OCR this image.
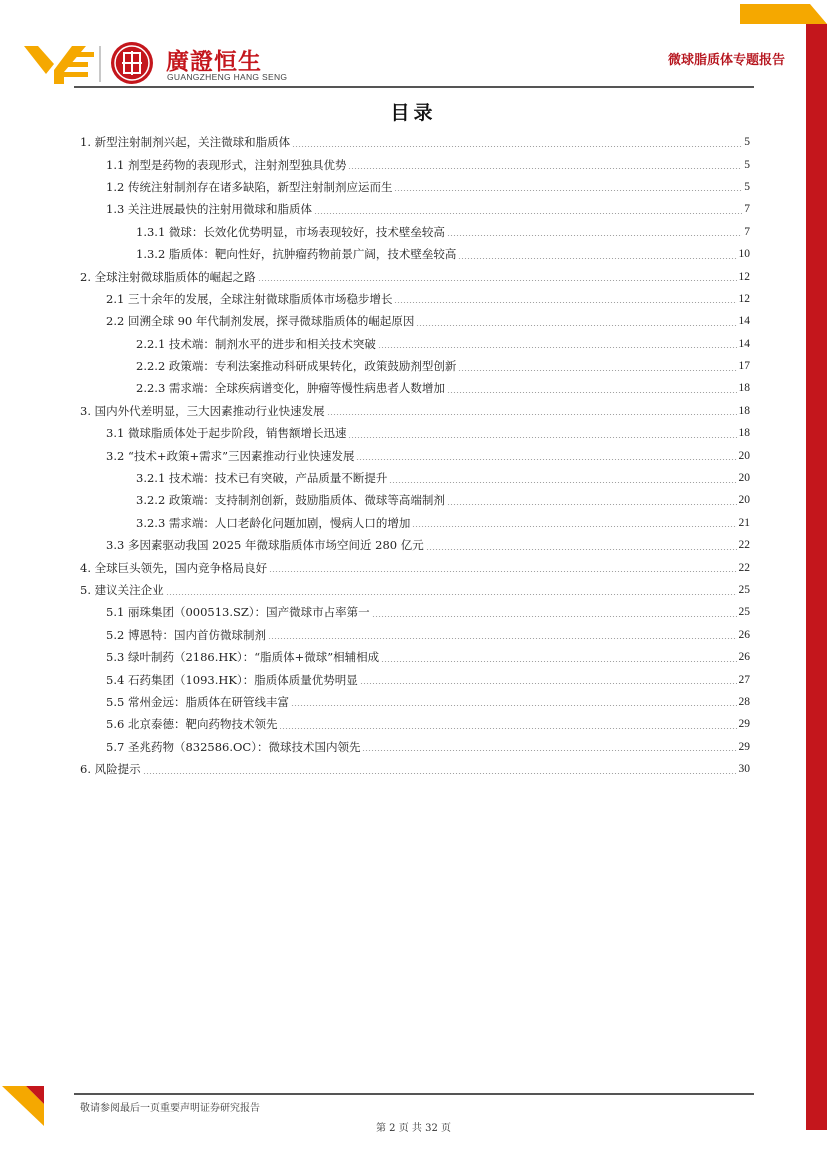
廣證恒生
GUANGZHENG HANG SENG
微球脂质体专题报告
目录
1. 新型注射制剂兴起，关注微球和脂质体	5
1.1 剂型是药物的表现形式，注射剂型独具优势	5
1.2 传统注射制剂存在诸多缺陷，新型注射制剂应运而生	5
1.3 关注进展最快的注射用微球和脂质体	7
1.3.1 微球：长效化优势明显，市场表现较好，技术壁垒较高	7
1.3.2 脂质体：靶向性好，抗肿瘤药物前景广阔，技术壁垒较高	10
2. 全球注射微球脂质体的崛起之路	12
2.1 三十余年的发展，全球注射微球脂质体市场稳步增长	12
2.2 回溯全球 90 年代制剂发展，探寻微球脂质体的崛起原因	14
2.2.1 技术端：制剂水平的进步和相关技术突破	14
2.2.2 政策端：专利法案推动科研成果转化，政策鼓励剂型创新	17
2.2.3 需求端：全球疾病谱变化，肿瘤等慢性病患者人数增加	18
3. 国内外代差明显，三大因素推动行业快速发展	18
3.1 微球脂质体处于起步阶段，销售额增长迅速	18
3.2 “技术+政策+需求”三因素推动行业快速发展	20
3.2.1 技术端：技术已有突破，产品质量不断提升	20
3.2.2 政策端：支持制剂创新，鼓励脂质体、微球等高端制剂	20
3.2.3 需求端：人口老龄化问题加剧，慢病人口的增加	21
3.3 多因素驱动我国 2025 年微球脂质体市场空间近 280 亿元	22
4. 全球巨头领先，国内竞争格局良好	22
5. 建议关注企业	25
5.1 丽珠集团（000513.SZ）：国产微球市占率第一	25
5.2 博恩特：国内首仿微球制剂	26
5.3 绿叶制药（2186.HK）：“脂质体+微球”相辅相成	26
5.4 石药集团（1093.HK）：脂质体质量优势明显	27
5.5 常州金远：脂质体在研管线丰富	28
5.6 北京泰德：靶向药物技术领先	29
5.7 圣兆药物（832586.OC）：微球技术国内领先	29
6. 风险提示	30
敬请参阅最后一页重要声明证券研究报告
第 2 页 共 32 页
